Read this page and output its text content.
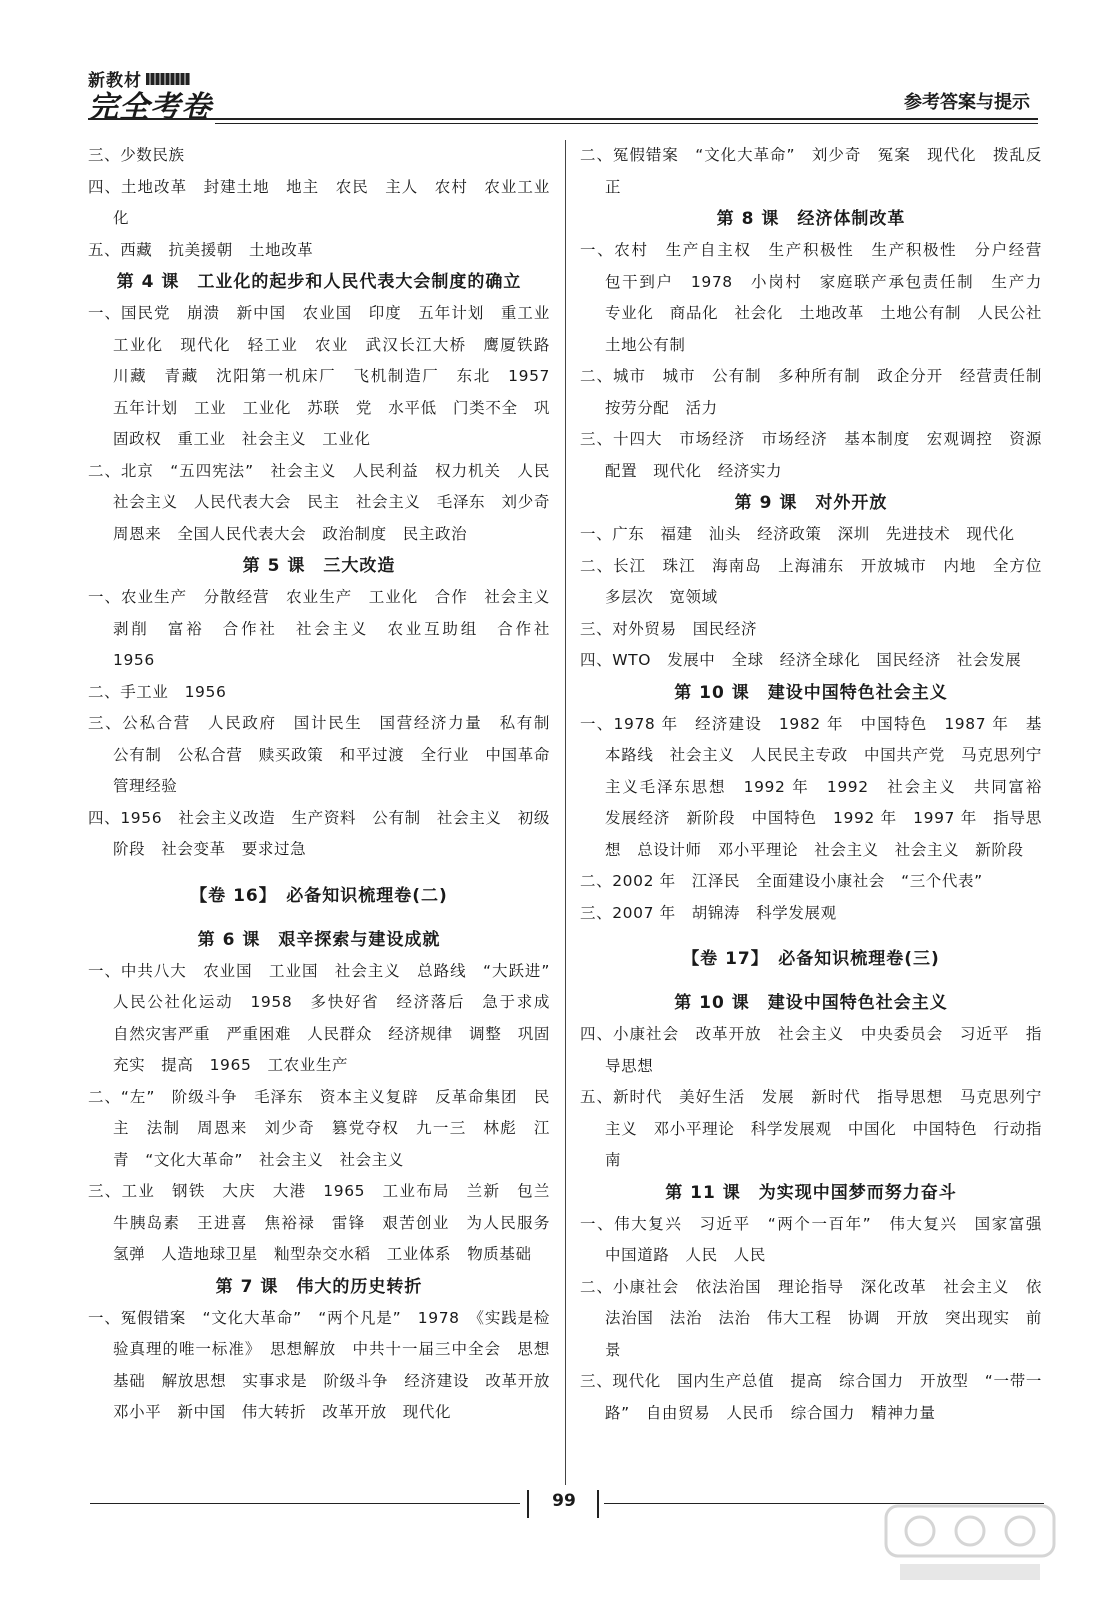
新教材
完全考卷	参考答案与提示
三、少数民族
四、土地改革　封建土地　地主　农民　主人　农村　农业工业化
五、西藏　抗美援朝　土地改革
第 4 课　工业化的起步和人民代表大会制度的确立
一、国民党　崩溃　新中国　农业国　印度　五年计划　重工业　工业化　现代化　轻工业　农业　武汉长江大桥　鹰厦铁路　川藏　青藏　沈阳第一机床厂　飞机制造厂　东北　1957　五年计划　工业　工业化　苏联　党　水平低　门类不全　巩固政权　重工业　社会主义　工业化
二、北京　“五四宪法”　社会主义　人民利益　权力机关　人民　社会主义　人民代表大会　民主　社会主义　毛泽东　刘少奇　周恩来　全国人民代表大会　政治制度　民主政治
第 5 课　三大改造
一、农业生产　分散经营　农业生产　工业化　合作　社会主义　剥削　富裕　合作社　社会主义　农业互助组　合作社　1956
二、手工业　1956
三、公私合营　人民政府　国计民生　国营经济力量　私有制　公有制　公私合营　赎买政策　和平过渡　全行业　中国革命　管理经验
四、1956　社会主义改造　生产资料　公有制　社会主义　初级阶段　社会变革　要求过急
【卷 16】　必备知识梳理卷(二)
第 6 课　艰辛探索与建设成就
一、中共八大　农业国　工业国　社会主义　总路线　“大跃进”　人民公社化运动　1958　多快好省　经济落后　急于求成　自然灾害严重　严重困难　人民群众　经济规律　调整　巩固　充实　提高　1965　工农业生产
二、“左”　阶级斗争　毛泽东　资本主义复辟　反革命集团　民主　法制　周恩来　刘少奇　篡党夺权　九一三　林彪　江青　“文化大革命”　社会主义　社会主义
三、工业　钢铁　大庆　大港　1965　工业布局　兰新　包兰　牛胰岛素　王进喜　焦裕禄　雷锋　艰苦创业　为人民服务　氢弹　人造地球卫星　籼型杂交水稻　工业体系　物质基础
第 7 课　伟大的历史转折
一、冤假错案　“文化大革命”　“两个凡是”　1978　《实践是检验真理的唯一标准》　思想解放　中共十一届三中全会　思想基础　解放思想　实事求是　阶级斗争　经济建设　改革开放　邓小平　新中国　伟大转折　改革开放　现代化
二、冤假错案　“文化大革命”　刘少奇　冤案　现代化　拨乱反正
第 8 课　经济体制改革
一、农村　生产自主权　生产积极性　生产积极性　分户经营　包干到户　1978　小岗村　家庭联产承包责任制　生产力　专业化　商品化　社会化　土地改革　土地公有制　人民公社　土地公有制
二、城市　城市　公有制　多种所有制　政企分开　经营责任制　按劳分配　活力
三、十四大　市场经济　市场经济　基本制度　宏观调控　资源配置　现代化　经济实力
第 9 课　对外开放
一、广东　福建　汕头　经济政策　深圳　先进技术　现代化
二、长江　珠江　海南岛　上海浦东　开放城市　内地　全方位　多层次　宽领域
三、对外贸易　国民经济
四、WTO　发展中　全球　经济全球化　国民经济　社会发展
第 10 课　建设中国特色社会主义
一、1978 年　经济建设　1982 年　中国特色　1987 年　基本路线　社会主义　人民民主专政　中国共产党　马克思列宁主义毛泽东思想　1992 年　1992　社会主义　共同富裕　发展经济　新阶段　中国特色　1992 年　1997 年　指导思想　总设计师　邓小平理论　社会主义　社会主义　新阶段
二、2002 年　江泽民　全面建设小康社会　“三个代表”
三、2007 年　胡锦涛　科学发展观
【卷 17】　必备知识梳理卷(三)
第 10 课　建设中国特色社会主义
四、小康社会　改革开放　社会主义　中央委员会　习近平　指导思想
五、新时代　美好生活　发展　新时代　指导思想　马克思列宁主义　邓小平理论　科学发展观　中国化　中国特色　行动指南
第 11 课　为实现中国梦而努力奋斗
一、伟大复兴　习近平　“两个一百年”　伟大复兴　国家富强　中国道路　人民　人民
二、小康社会　依法治国　理论指导　深化改革　社会主义　依法治国　法治　法治　伟大工程　协调　开放　突出现实　前景
三、现代化　国内生产总值　提高　综合国力　开放型　“一带一路”　自由贸易　人民币　综合国力　精神力量
99
